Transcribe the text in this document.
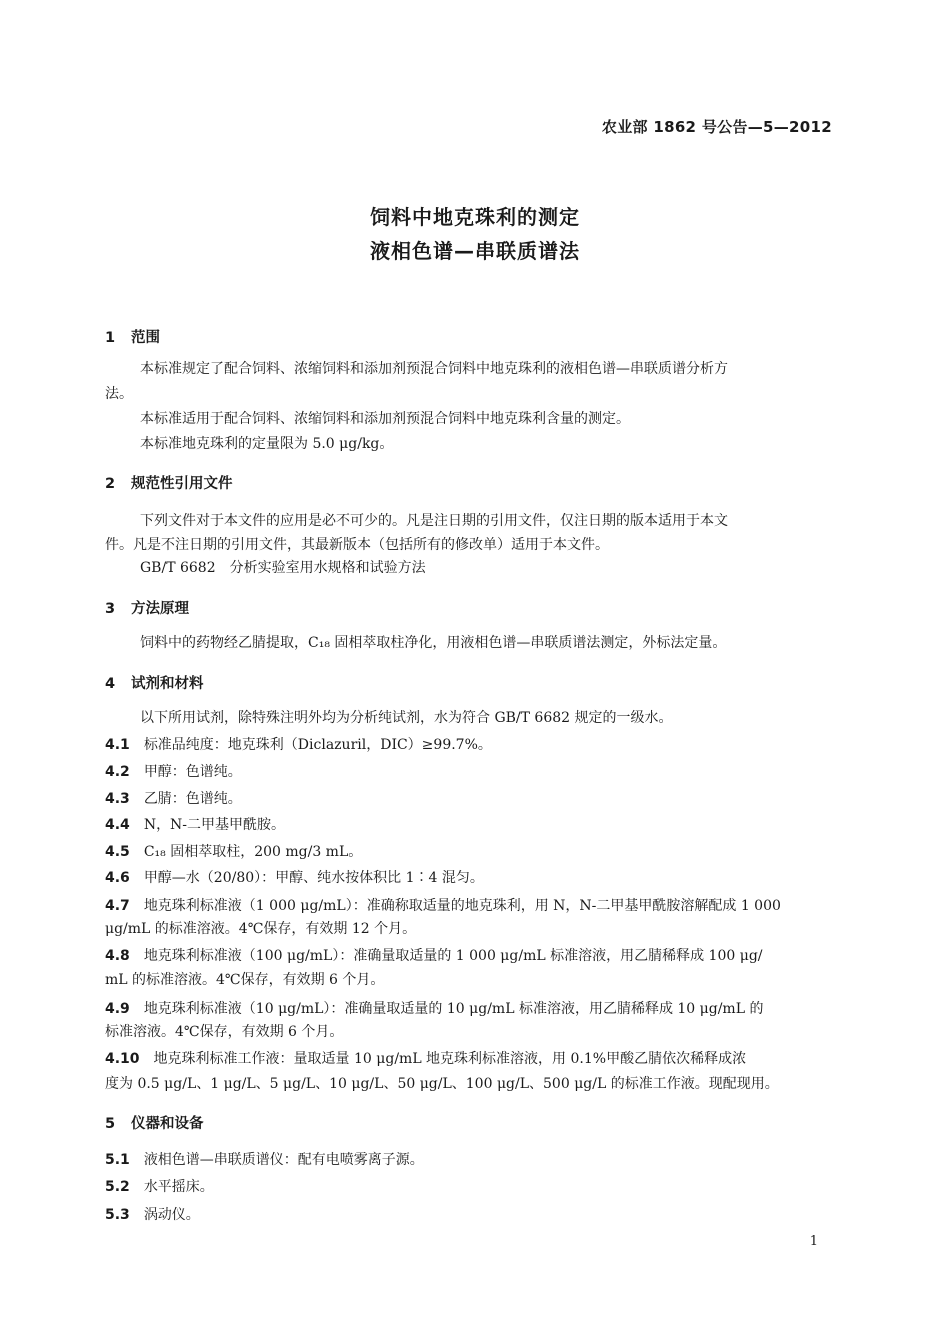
农业部 1862 号公告—5—2012
饲料中地克珠利的测定
液相色谱—串联质谱法
1 范围
本标准规定了配合饲料、浓缩饲料和添加剂预混合饲料中地克珠利的液相色谱—串联质谱分析方
法。
本标准适用于配合饲料、浓缩饲料和添加剂预混合饲料中地克珠利含量的测定。
本标准地克珠利的定量限为 5.0 μg/kg。
2 规范性引用文件
下列文件对于本文件的应用是必不可少的。凡是注日期的引用文件，仅注日期的版本适用于本文
件。凡是不注日期的引用文件，其最新版本（包括所有的修改单）适用于本文件。
GB/T 6682　分析实验室用水规格和试验方法
3 方法原理
饲料中的药物经乙腈提取，C₁₈ 固相萃取柱净化，用液相色谱—串联质谱法测定，外标法定量。
4 试剂和材料
以下所用试剂，除特殊注明外均为分析纯试剂，水为符合 GB/T 6682 规定的一级水。
4.1 标准品纯度：地克珠利（Diclazuril，DIC）≥99.7%。
4.2 甲醇：色谱纯。
4.3 乙腈：色谱纯。
4.4 N，N-二甲基甲酰胺。
4.5 C₁₈ 固相萃取柱，200 mg/3 mL。
4.6 甲醇—水（20/80）：甲醇、纯水按体积比 1∶4 混匀。
4.7 地克珠利标准液（1 000 μg/mL）：准确称取适量的地克珠利，用 N，N-二甲基甲酰胺溶解配成 1 000
μg/mL 的标准溶液。4℃保存，有效期 12 个月。
4.8 地克珠利标准液（100 μg/mL）：准确量取适量的 1 000 μg/mL 标准溶液，用乙腈稀释成 100 μg/
mL 的标准溶液。4℃保存，有效期 6 个月。
4.9 地克珠利标准液（10 μg/mL）：准确量取适量的 10 μg/mL 标准溶液，用乙腈稀释成 10 μg/mL 的
标准溶液。4℃保存，有效期 6 个月。
4.10 地克珠利标准工作液：量取适量 10 μg/mL 地克珠利标准溶液，用 0.1%甲酸乙腈依次稀释成浓
度为 0.5 μg/L、1 μg/L、5 μg/L、10 μg/L、50 μg/L、100 μg/L、500 μg/L 的标准工作液。现配现用。
5 仪器和设备
5.1 液相色谱—串联质谱仪：配有电喷雾离子源。
5.2 水平摇床。
5.3 涡动仪。
1
